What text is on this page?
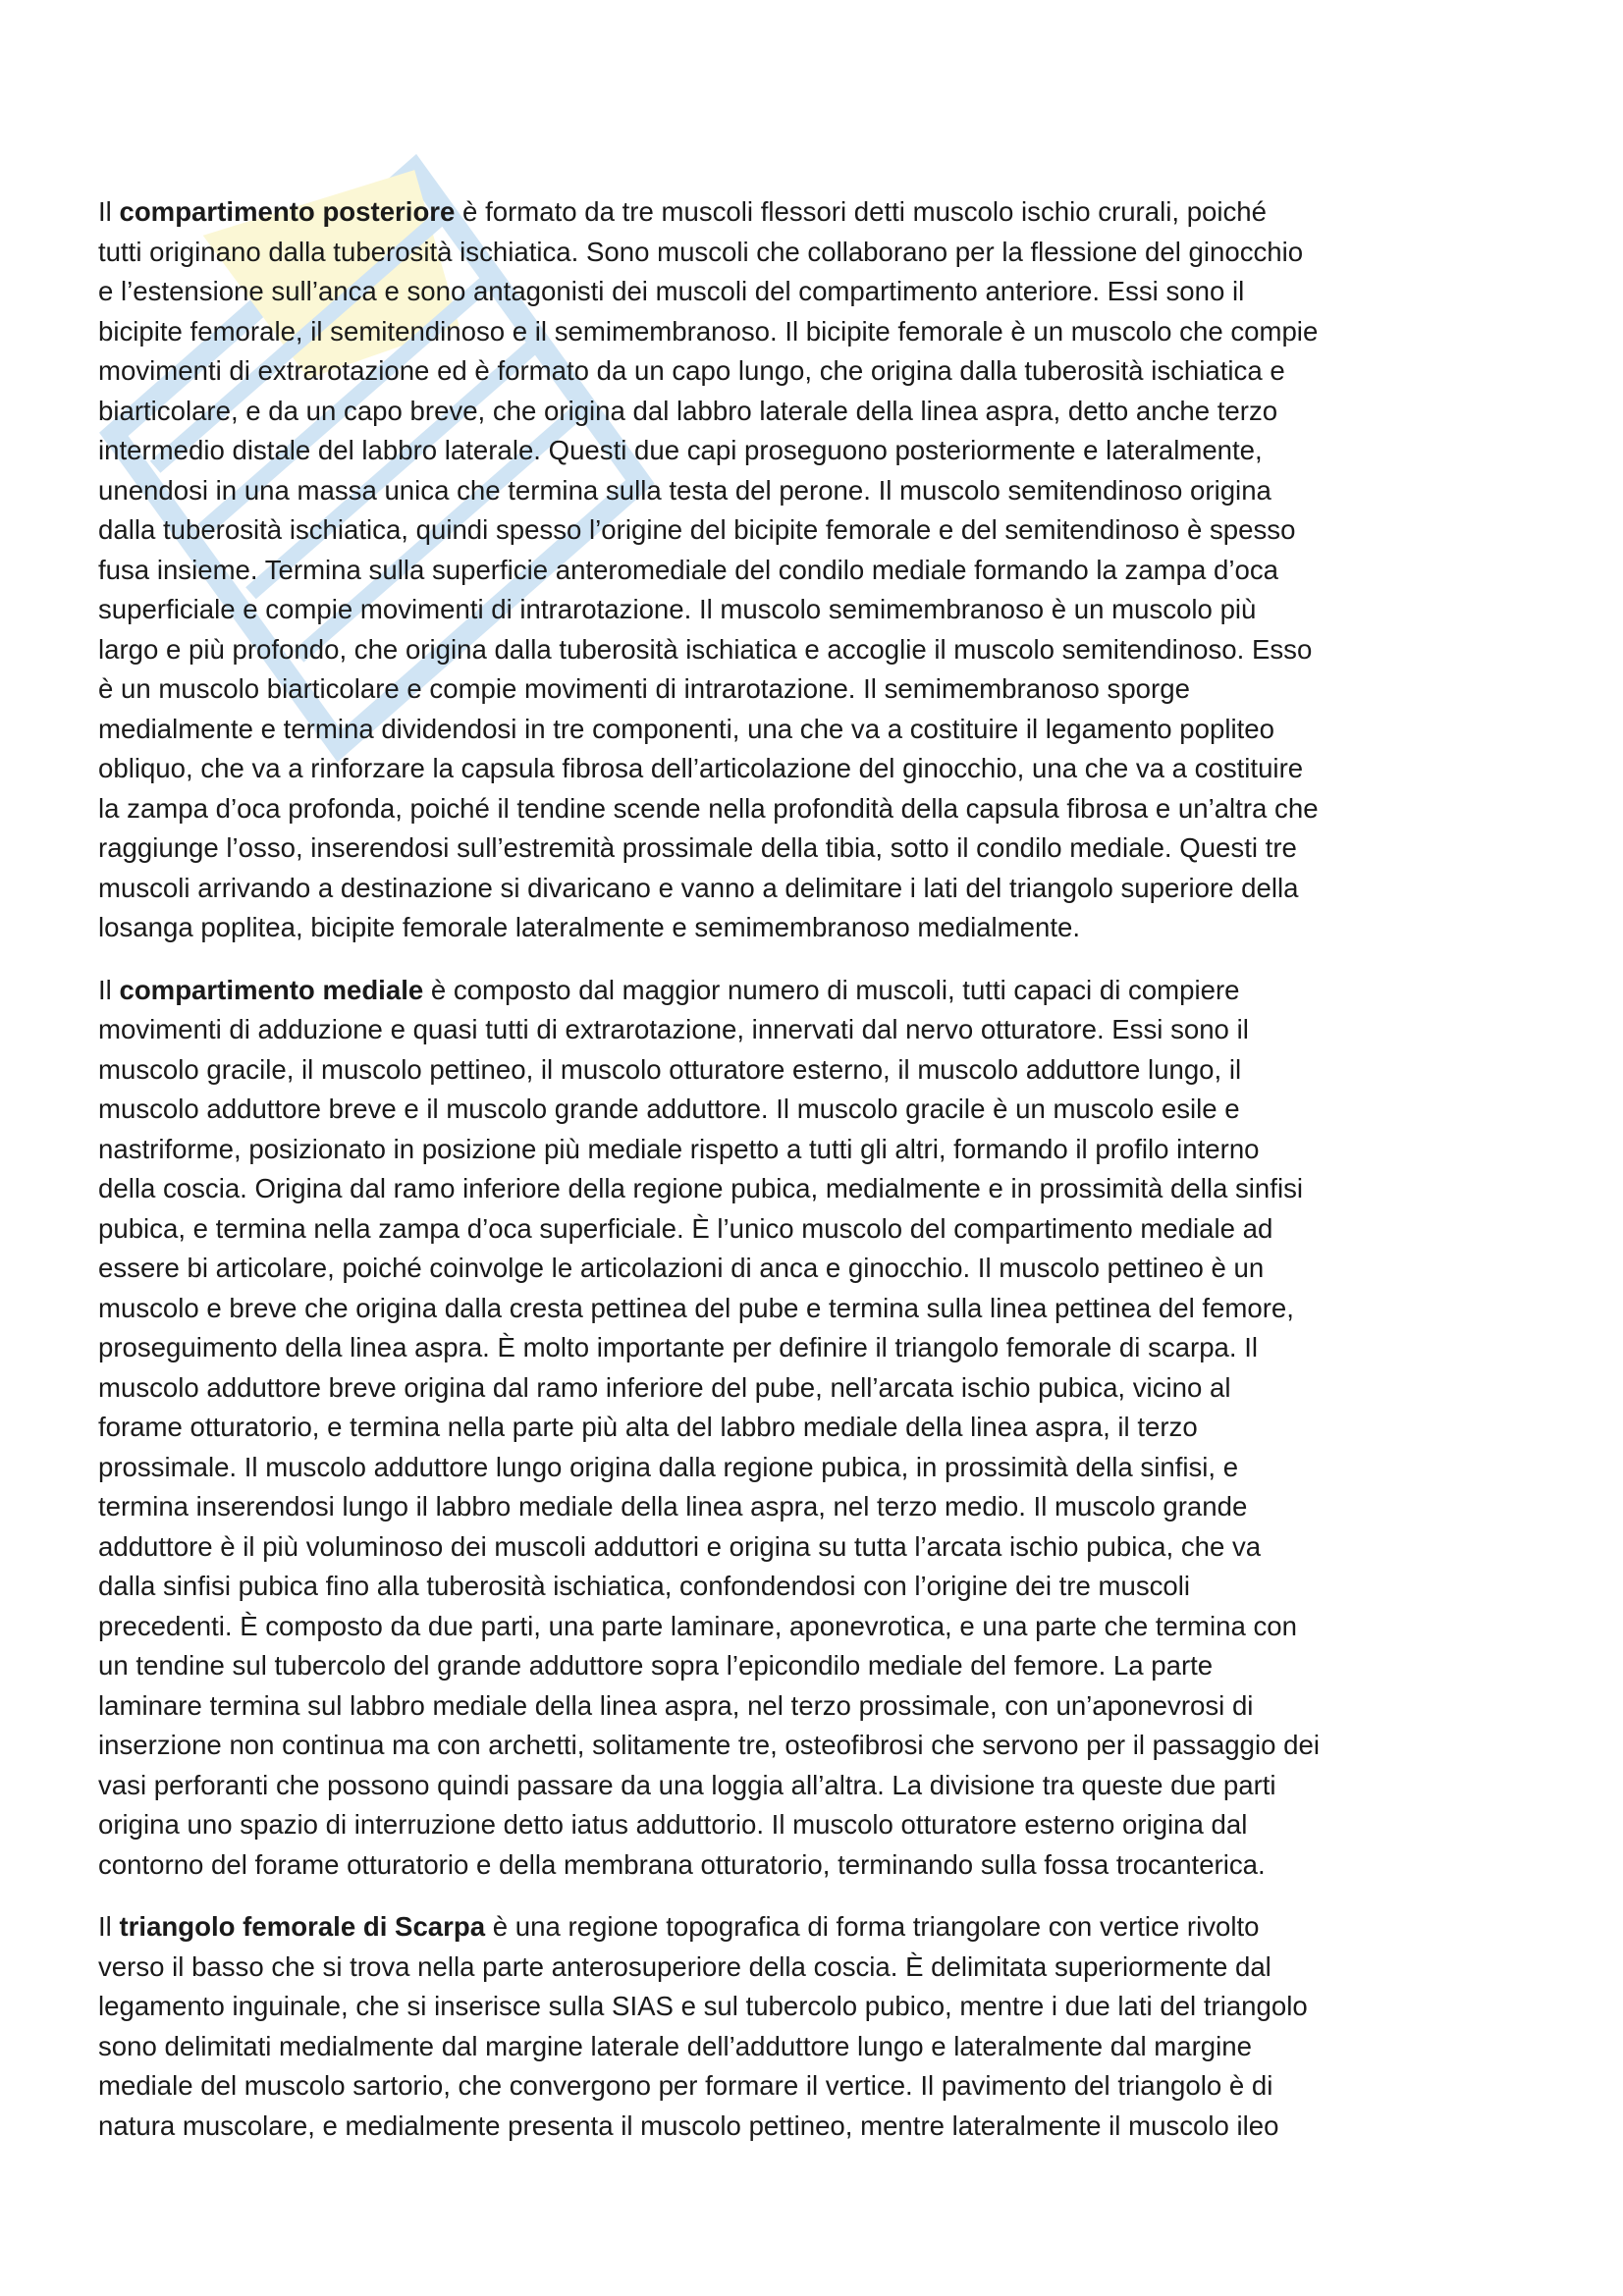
Il compartimento posteriore è formato da tre muscoli flessori detti muscolo ischio crurali, poiché
tutti originano dalla tuberosità ischiatica. Sono muscoli che collaborano per la flessione del ginocchio
e l’estensione sull’anca e sono antagonisti dei muscoli del compartimento anteriore. Essi sono il
bicipite femorale, il semitendinoso e il semimembranoso. Il bicipite femorale è un muscolo che compie
movimenti di extrarotazione ed è formato da un capo lungo, che origina dalla tuberosità ischiatica e
biarticolare, e da un capo breve, che origina dal labbro laterale della linea aspra, detto anche terzo
intermedio distale del labbro laterale. Questi due capi proseguono posteriormente e lateralmente,
unendosi in una massa unica che termina sulla testa del perone. Il muscolo semitendinoso origina
dalla tuberosità ischiatica, quindi spesso l’origine del bicipite femorale e del semitendinoso è spesso
fusa insieme. Termina sulla superficie anteromediale del condilo mediale formando la zampa d’oca
superficiale e compie movimenti di intrarotazione. Il muscolo semimembranoso è un muscolo più
largo e più profondo, che origina dalla tuberosità ischiatica e accoglie il muscolo semitendinoso. Esso
è un muscolo biarticolare e compie movimenti di intrarotazione. Il semimembranoso sporge
medialmente e termina dividendosi in tre componenti, una che va a costituire il legamento popliteo
obliquo, che va a rinforzare la capsula fibrosa dell’articolazione del ginocchio, una che va a costituire
la zampa d’oca profonda, poiché il tendine scende nella profondità della capsula fibrosa e un’altra che
raggiunge l’osso, inserendosi sull’estremità prossimale della tibia, sotto il condilo mediale. Questi tre
muscoli arrivando a destinazione si divaricano e vanno a delimitare i lati del triangolo superiore della
losanga poplitea, bicipite femorale lateralmente e semimembranoso medialmente.

Il compartimento mediale è composto dal maggior numero di muscoli, tutti capaci di compiere
movimenti di adduzione e quasi tutti di extrarotazione, innervati dal nervo otturatore. Essi sono il
muscolo gracile, il muscolo pettineo, il muscolo otturatore esterno, il muscolo adduttore lungo, il
muscolo adduttore breve e il muscolo grande adduttore. Il muscolo gracile è un muscolo esile e
nastriforme, posizionato in posizione più mediale rispetto a tutti gli altri, formando il profilo interno
della coscia. Origina dal ramo inferiore della regione pubica, medialmente e in prossimità della sinfisi
pubica, e termina nella zampa d’oca superficiale. È l’unico muscolo del compartimento mediale ad
essere bi articolare, poiché coinvolge le articolazioni di anca e ginocchio. Il muscolo pettineo è un
muscolo e breve che origina dalla cresta pettinea del pube e termina sulla linea pettinea del femore,
proseguimento della linea aspra. È molto importante per definire il triangolo femorale di scarpa. Il
muscolo adduttore breve origina dal ramo inferiore del pube, nell’arcata ischio pubica, vicino al
forame otturatorio, e termina nella parte più alta del labbro mediale della linea aspra, il terzo
prossimale. Il muscolo adduttore lungo origina dalla regione pubica, in prossimità della sinfisi, e
termina inserendosi lungo il labbro mediale della linea aspra, nel terzo medio. Il muscolo grande
adduttore è il più voluminoso dei muscoli adduttori e origina su tutta l’arcata ischio pubica, che va
dalla sinfisi pubica fino alla tuberosità ischiatica, confondendosi con l’origine dei tre muscoli
precedenti. È composto da due parti, una parte laminare, aponevrotica, e una parte che termina con
un tendine sul tubercolo del grande adduttore sopra l’epicondilo mediale del femore. La parte
laminare termina sul labbro mediale della linea aspra, nel terzo prossimale, con un’aponevrosi di
inserzione non continua ma con archetti, solitamente tre, osteofibrosi che servono per il passaggio dei
vasi perforanti che possono quindi passare da una loggia all’altra. La divisione tra queste due parti
origina uno spazio di interruzione detto iatus adduttorio. Il muscolo otturatore esterno origina dal
contorno del forame otturatorio e della membrana otturatorio, terminando sulla fossa trocanterica.

Il triangolo femorale di Scarpa è una regione topografica di forma triangolare con vertice rivolto
verso il basso che si trova nella parte anterosuperiore della coscia. È delimitata superiormente dal
legamento inguinale, che si inserisce sulla SIAS e sul tubercolo pubico, mentre i due lati del triangolo
sono delimitati medialmente dal margine laterale dell’adduttore lungo e lateralmente dal margine
mediale del muscolo sartorio, che convergono per formare il vertice. Il pavimento del triangolo è di
natura muscolare, e medialmente presenta il muscolo pettineo, mentre lateralmente il muscolo ileo
